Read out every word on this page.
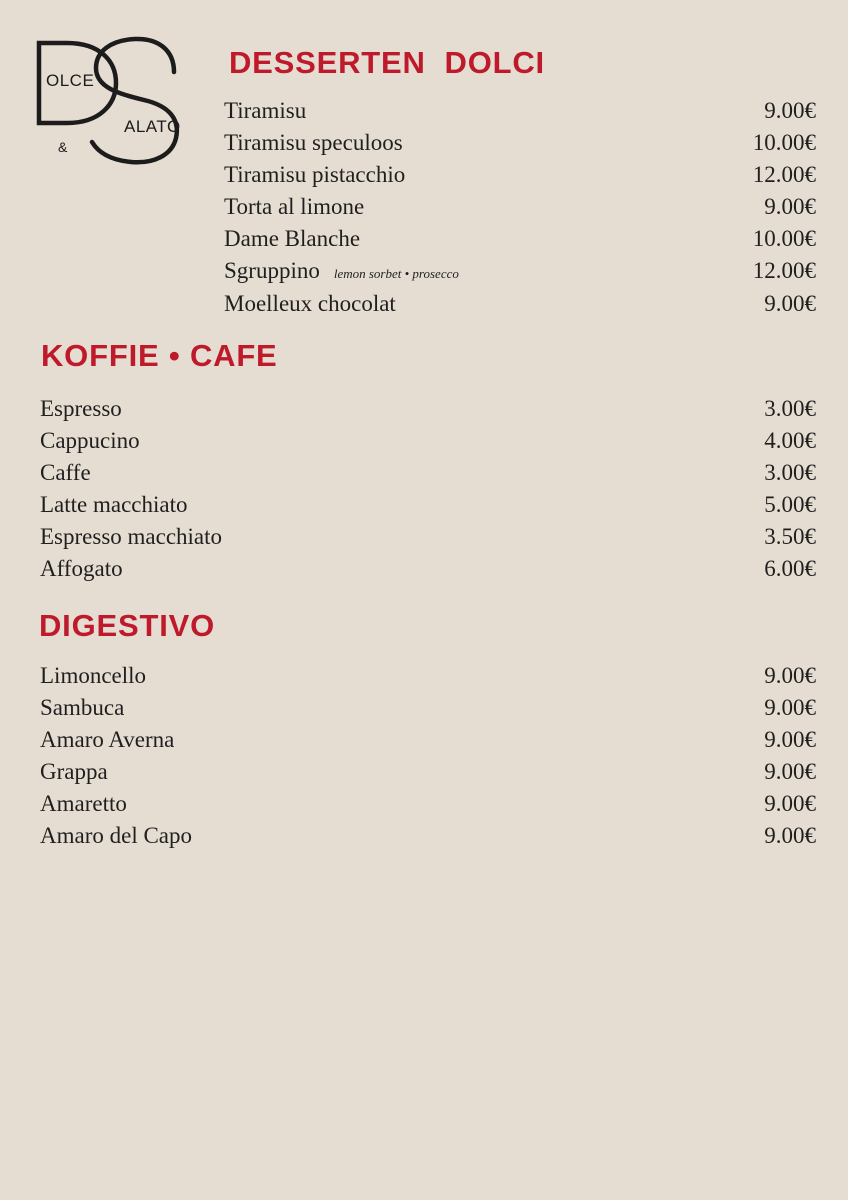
OLCE
ALATO
&
DESSERTEN  DOLCI
Tiramisu	9.00€
Tiramisu speculoos	10.00€
Tiramisu pistacchio	12.00€
Torta al limone	9.00€
Dame Blanche	10.00€
Sgruppino lemon sorbet • prosecco	12.00€
Moelleux chocolat	9.00€
KOFFIE • CAFE
Espresso	3.00€
Cappucino	4.00€
Caffe	3.00€
Latte macchiato	5.00€
Espresso macchiato	3.50€
Affogato	6.00€
DIGESTIVO
Limoncello	9.00€
Sambuca	9.00€
Amaro Averna	9.00€
Grappa	9.00€
Amaretto	9.00€
Amaro del Capo	9.00€
